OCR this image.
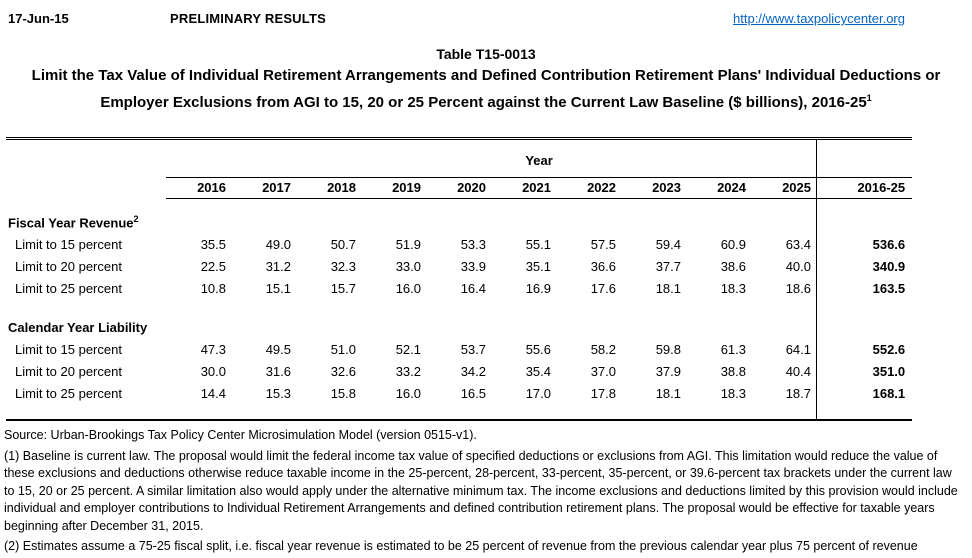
17-Jun-15	PRELIMINARY RESULTS	http://www.taxpolicycenter.org
Table T15-0013
Limit the Tax Value of Individual Retirement Arrangements and Defined Contribution Retirement Plans' Individual Deductions or
Employer Exclusions from AGI to 15, 20 or 25 Percent against the Current Law Baseline ($ billions), $2016-25^1$
	Year										
	2016	2017	2018	2019	2020	2021	2022	2023	2024	2025	2016-25

Fiscal Year Revenue$^2$
Limit to 15 percent	35.5	49.0	50.7	51.9	53.3	55.1	57.5	59.4	60.9	63.4	536.6
Limit to 20 percent	22.5	31.2	32.3	33.0	33.9	35.1	36.6	37.7	38.6	40.0	340.9
Limit to 25 percent	10.8	15.1	15.7	16.0	16.4	16.9	17.6	18.1	18.3	18.6	163.5

Calendar Year Liability											
Limit to 15 percent	47.3	49.5	51.0	52.1	53.7	55.6	58.2	59.8	61.3	64.1	552.6
Limit to 20 percent	30.0	31.6	32.6	33.2	34.2	35.4	37.0	37.9	38.8	40.4	351.0
Limit to 25 percent	14.4	15.3	15.8	16.0	16.5	17.0	17.8	18.1	18.3	18.7	168.1

Source: Urban-Brookings Tax Policy Center Microsimulation Model (version 0515-v1).

(1) Baseline is current law. The proposal would limit the federal income tax value of specified deductions or exclusions from AGI. This limitation would reduce the value of these exclusions and deductions otherwise reduce taxable income in the 25-percent, 28-percent, 33-percent, 35-percent, or 39.6-percent tax brackets under the current law to 15, 20 or 25 percent. A similar limitation also would apply under the alternative minimum tax. The income exclusions and deductions limited by this provision would include individual and employer contributions to Individual Retirement Arrangements and defined contribution retirement plans. The proposal would be effective for taxable years beginning after December 31, 2015.

(2) Estimates assume a 75-25 fiscal split, i.e. fiscal year revenue is estimated to be 25 percent of revenue from the previous calendar year plus 75 percent of revenue
